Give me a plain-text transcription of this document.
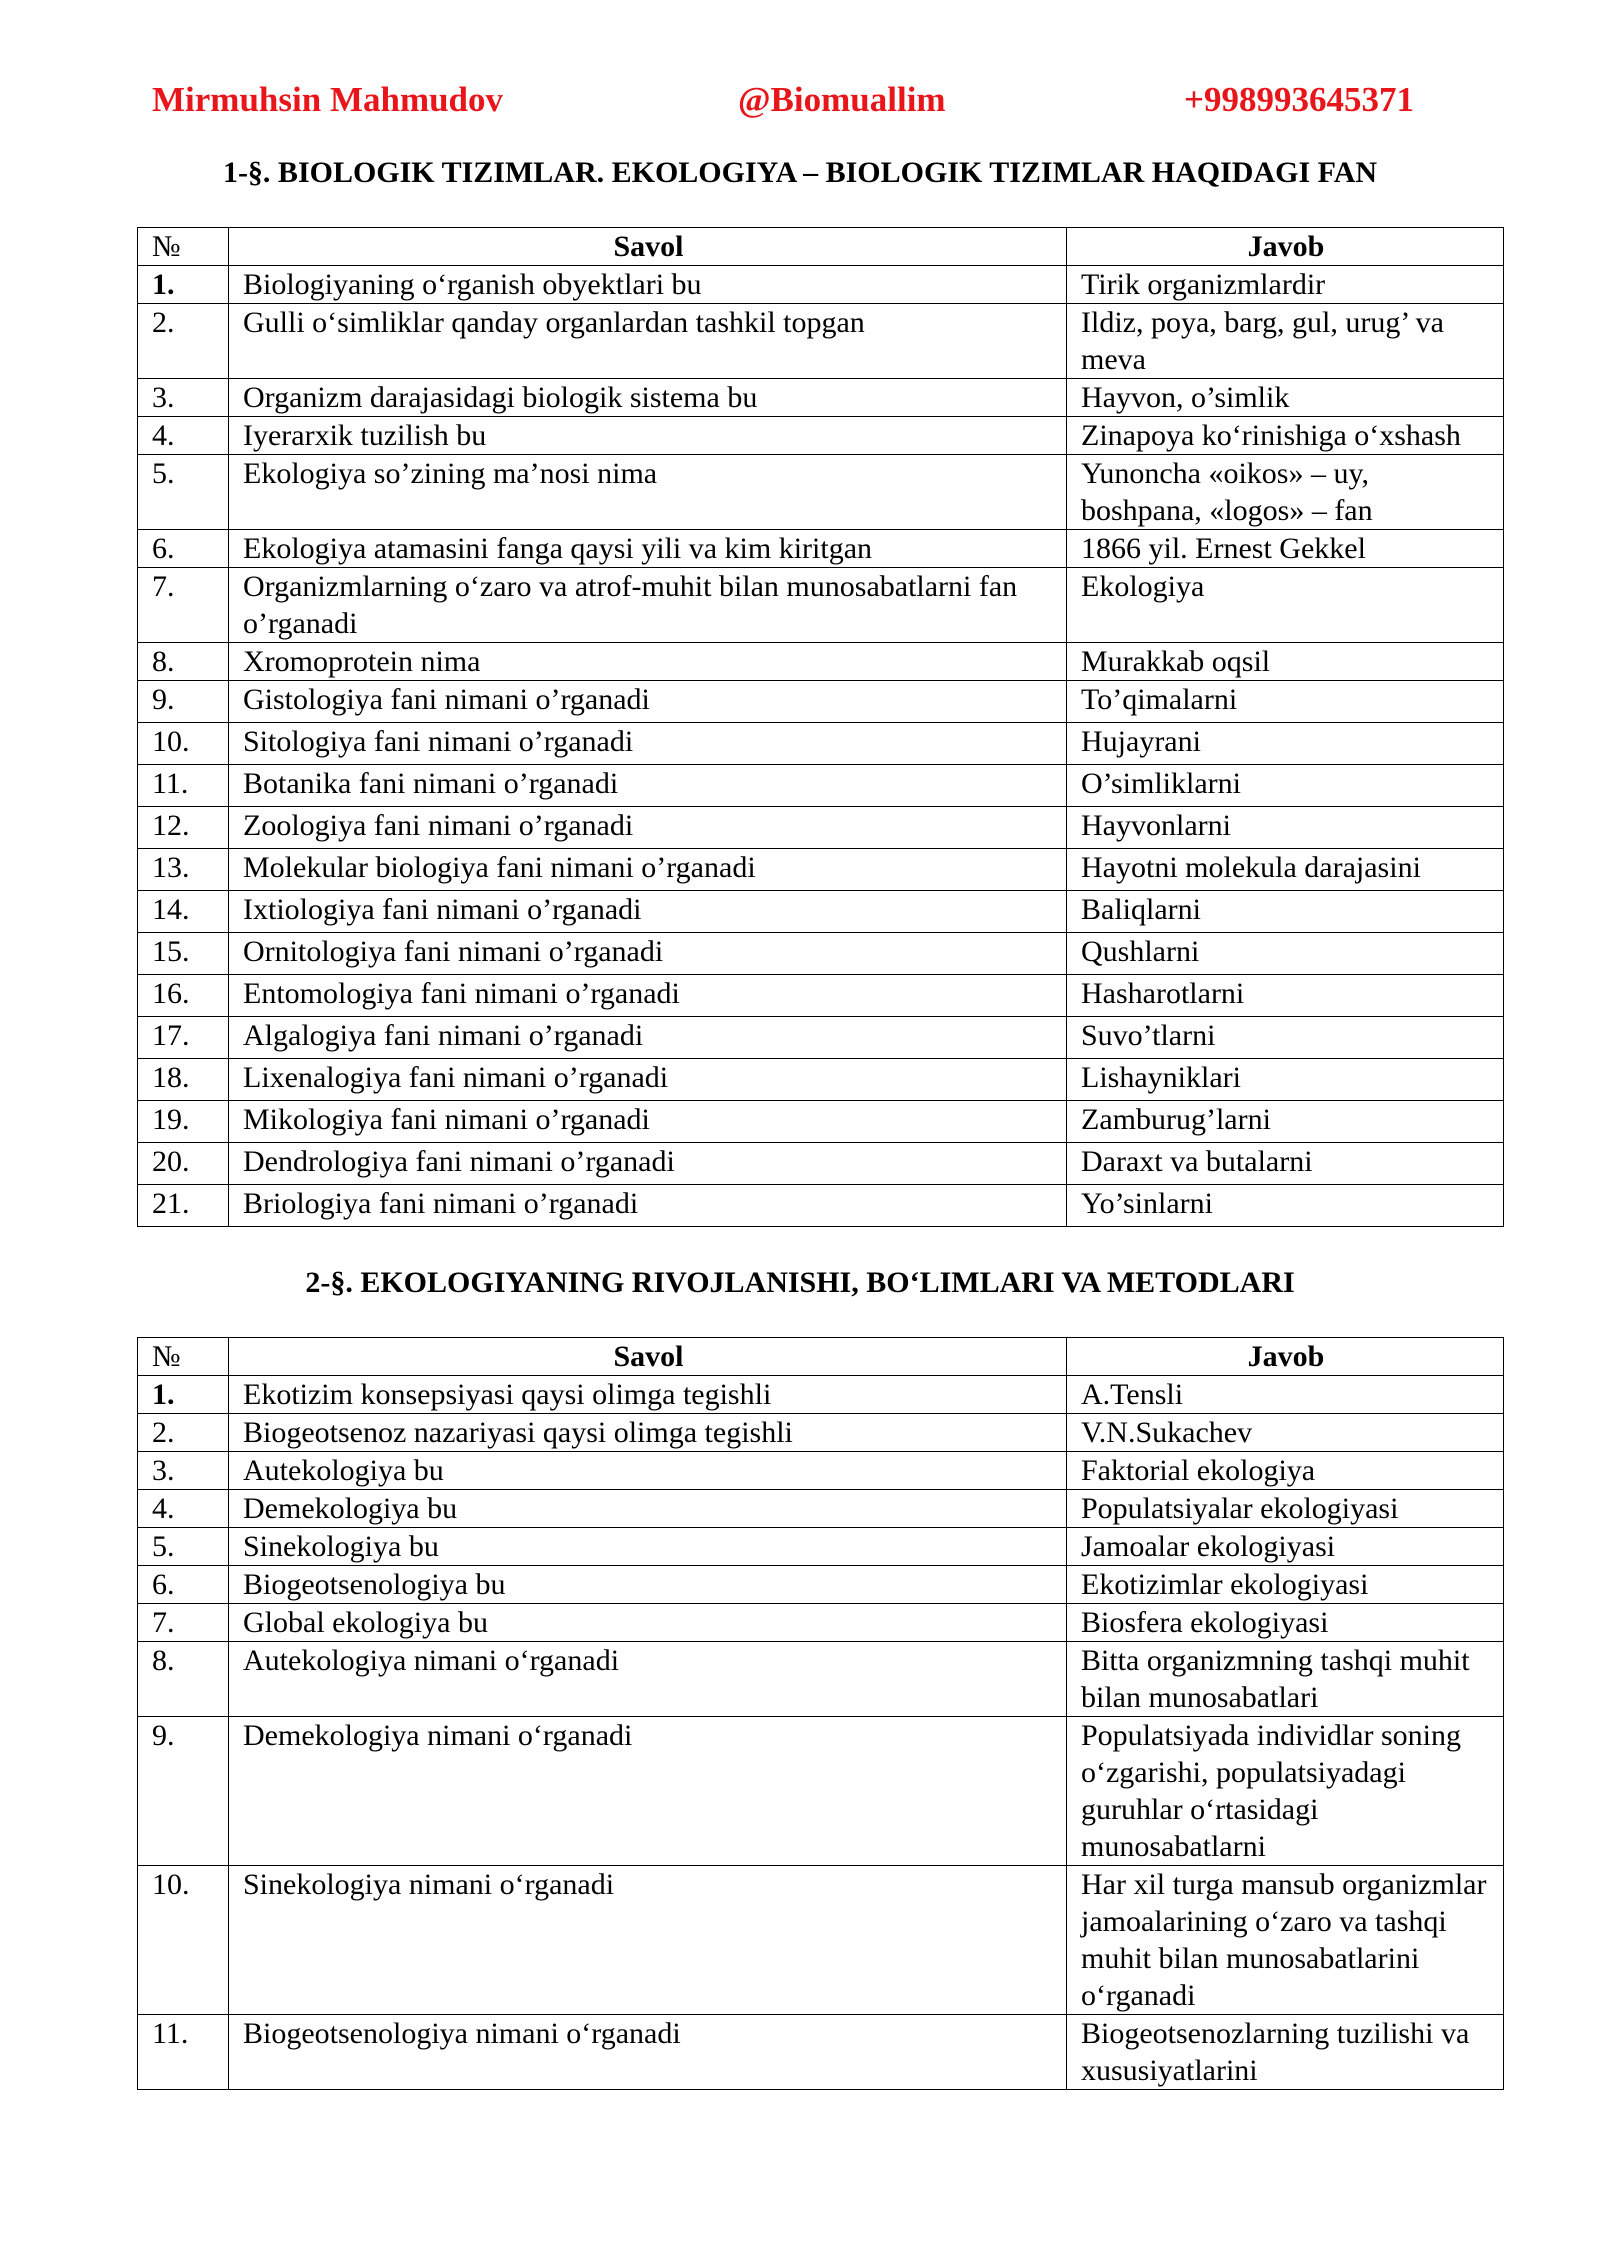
Mirmuhsin Mahmudov	@Biomuallim	+998993645371
1-§. BIOLOGIK TIZIMLAR. EKOLOGIYA – BIOLOGIK TIZIMLAR HAQIDAGI FAN
№	Savol	Javob
1.	Biologiyaning o‘rganish obyektlari bu	Tirik organizmlardir
2.	Gulli o‘simliklar qanday organlardan tashkil topgan	Ildiz, poya, barg, gul, urug’ va meva
3.	Organizm darajasidagi biologik sistema bu	Hayvon, o’simlik
4.	Iyerarxik tuzilish bu	Zinapoya ko‘rinishiga o‘xshash
5.	Ekologiya so’zining ma’nosi nima	Yunoncha «oikos» – uy, boshpana, «logos» – fan
6.	Ekologiya atamasini fanga qaysi yili va kim kiritgan	1866 yil. Ernest Gekkel
7.	Organizmlarning o‘zaro va atrof-muhit bilan munosabatlarni fan o’rganadi	Ekologiya
8.	Xromoprotein nima	Murakkab oqsil
9.	Gistologiya fani nimani o’rganadi	To’qimalarni
10.	Sitologiya fani nimani o’rganadi	Hujayrani
11.	Botanika fani nimani o’rganadi	O’simliklarni
12.	Zoologiya fani nimani o’rganadi	Hayvonlarni
13.	Molekular biologiya fani nimani o’rganadi	Hayotni molekula darajasini
14.	Ixtiologiya fani nimani o’rganadi	Baliqlarni
15.	Ornitologiya fani nimani o’rganadi	Qushlarni
16.	Entomologiya fani nimani o’rganadi	Hasharotlarni
17.	Algalogiya fani nimani o’rganadi	Suvo’tlarni
18.	Lixenalogiya fani nimani o’rganadi	Lishayniklari
19.	Mikologiya fani nimani o’rganadi	Zamburug’larni
20.	Dendrologiya fani nimani o’rganadi	Daraxt va butalarni
21.	Briologiya fani nimani o’rganadi	Yo’sinlarni
2-§. EKOLOGIYANING RIVOJLANISHI, BO‘LIMLARI VA METODLARI
№	Savol	Javob
1.	Ekotizim konsepsiyasi qaysi olimga tegishli	A.Tensli
2.	Biogeotsenoz nazariyasi qaysi olimga tegishli	V.N.Sukachev
3.	Autekologiya bu	Faktorial ekologiya
4.	Demekologiya bu	Populatsiyalar ekologiyasi
5.	Sinekologiya bu	Jamoalar ekologiyasi
6.	Biogeotsenologiya bu	Ekotizimlar ekologiyasi
7.	Global ekologiya bu	Biosfera ekologiyasi
8.	Autekologiya nimani o‘rganadi	Bitta organizmning tashqi muhit bilan munosabatlari
9.	Demekologiya nimani o‘rganadi	Populatsiyada individlar soning o‘zgarishi, populatsiyadagi guruhlar o‘rtasidagi munosabatlarni
10.	Sinekologiya nimani o‘rganadi	Har xil turga mansub organizmlar jamoalarining o‘zaro va tashqi muhit bilan munosabatlarini o‘rganadi
11.	Biogeotsenologiya nimani o‘rganadi	Biogeotsenozlarning tuzilishi va xususiyatlarini
